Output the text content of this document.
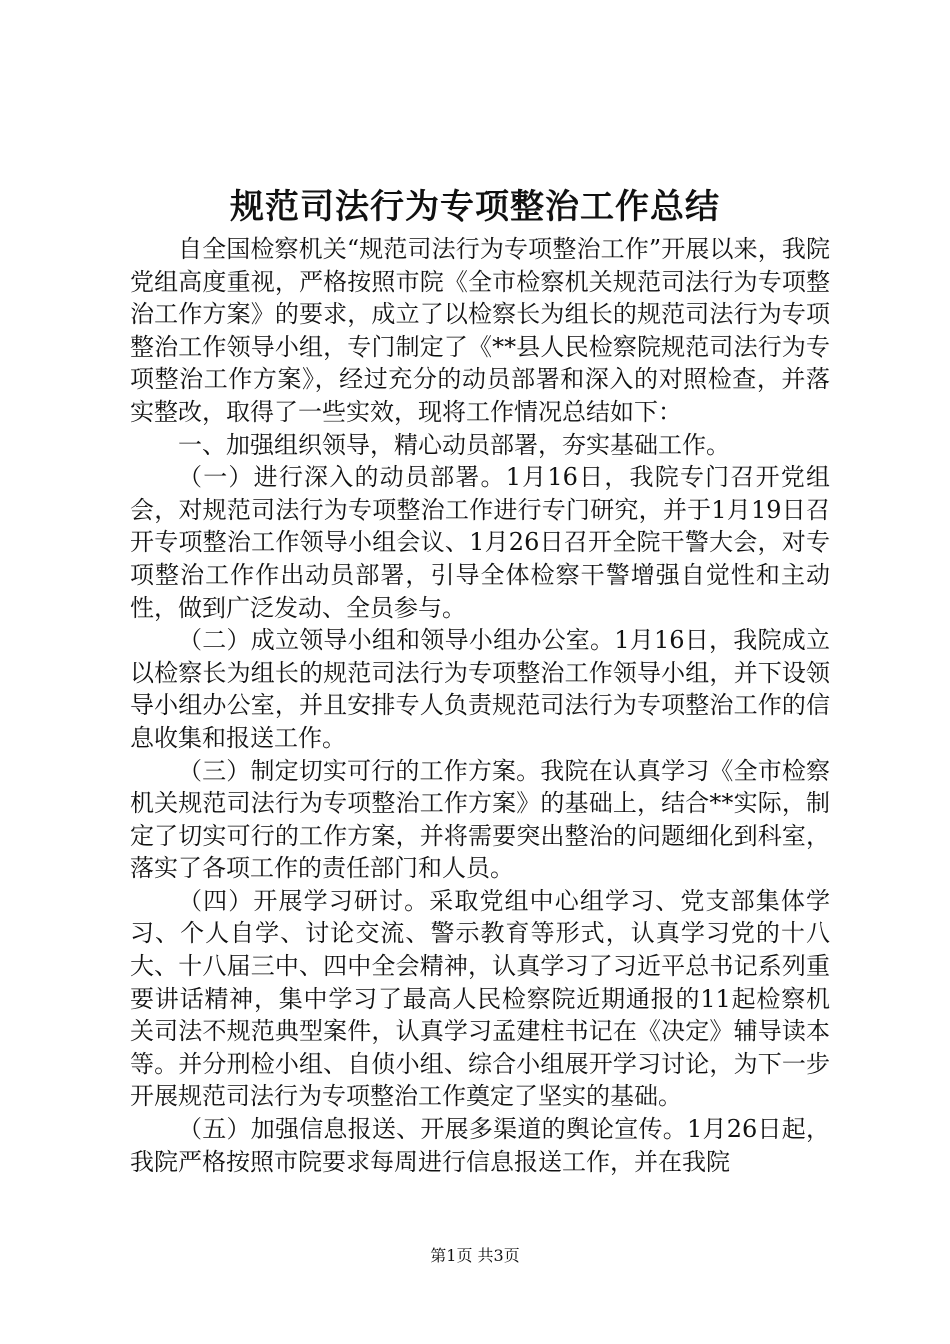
规范司法行为专项整治工作总结

自全国检察机关“规范司法行为专项整治工作”开展以来，我院党组高度重视，严格按照市院《全市检察机关规范司法行为专项整治工作方案》的要求，成立了以检察长为组长的规范司法行为专项整治工作领导小组，专门制定了《**县人民检察院规范司法行为专项整治工作方案》，经过充分的动员部署和深入的对照检查，并落实整改，取得了一些实效，现将工作情况总结如下：

一、加强组织领导，精心动员部署，夯实基础工作。

（一）进行深入的动员部署。1月16日，我院专门召开党组会，对规范司法行为专项整治工作进行专门研究，并于1月19日召开专项整治工作领导小组会议、1月26日召开全院干警大会，对专项整治工作作出动员部署，引导全体检察干警增强自觉性和主动性，做到广泛发动、全员参与。

（二）成立领导小组和领导小组办公室。1月16日，我院成立以检察长为组长的规范司法行为专项整治工作领导小组，并下设领导小组办公室，并且安排专人负责规范司法行为专项整治工作的信息收集和报送工作。

（三）制定切实可行的工作方案。我院在认真学习《全市检察机关规范司法行为专项整治工作方案》的基础上，结合**实际，制定了切实可行的工作方案，并将需要突出整治的问题细化到科室，落实了各项工作的责任部门和人员。

（四）开展学习研讨。采取党组中心组学习、党支部集体学习、个人自学、讨论交流、警示教育等形式，认真学习党的十八大、十八届三中、四中全会精神，认真学习了习近平总书记系列重要讲话精神，集中学习了最高人民检察院近期通报的11起检察机关司法不规范典型案件，认真学习孟建柱书记在《决定》辅导读本等。并分刑检小组、自侦小组、综合小组展开学习讨论，为下一步开展规范司法行为专项整治工作奠定了坚实的基础。

（五）加强信息报送、开展多渠道的舆论宣传。1月26日起，我院严格按照市院要求每周进行信息报送工作，并在我院

第1页 共3页
